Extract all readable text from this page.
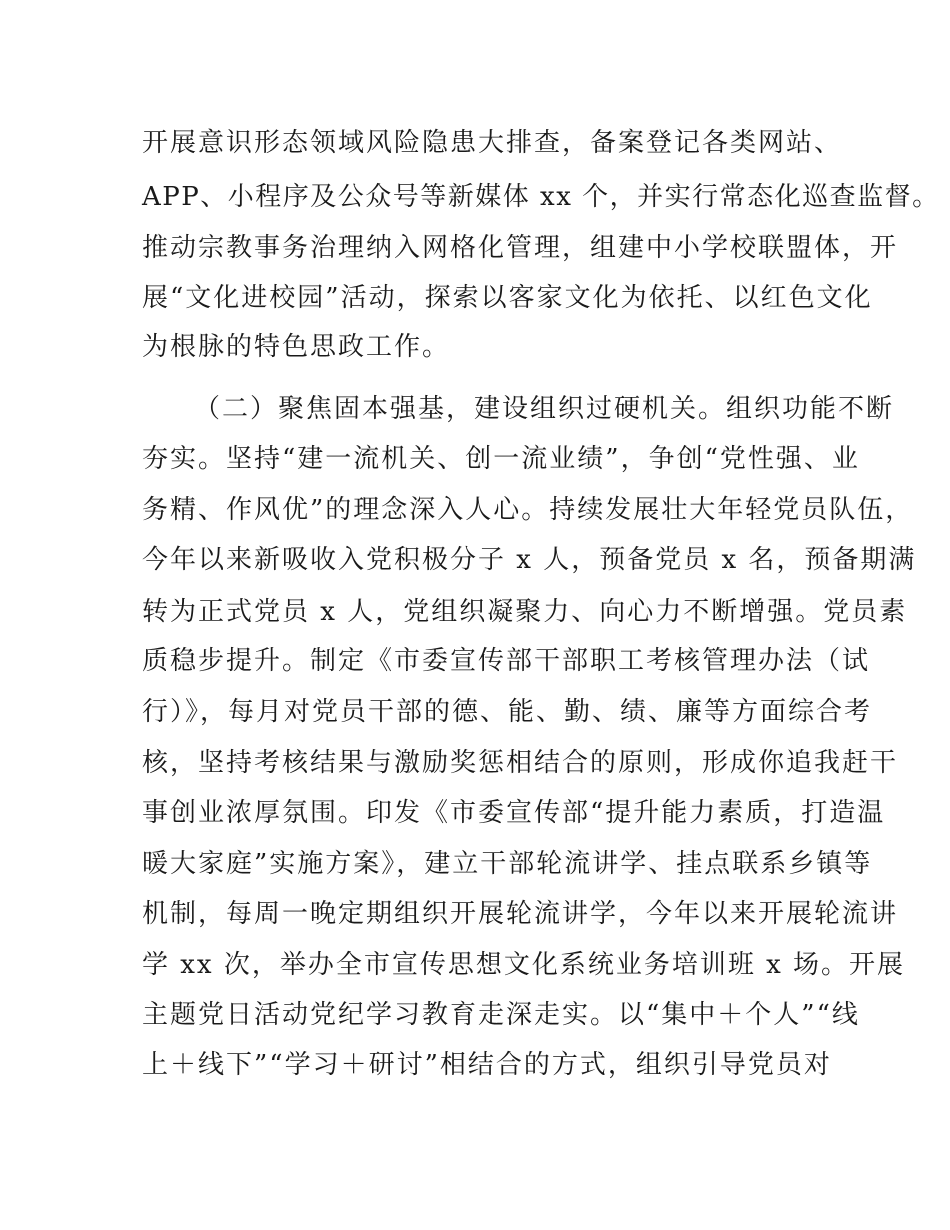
开展意识形态领域风险隐患大排查，备案登记各类网站、

APP、小程序及公众号等新媒体 xx 个，并实行常态化巡查监督。

推动宗教事务治理纳入网格化管理，组建中小学校联盟体，开

展“文化进校园”活动，探索以客家文化为依托、以红色文化

为根脉的特色思政工作。

（二）聚焦固本强基，建设组织过硬机关。组织功能不断

夯实。坚持“建一流机关、创一流业绩”，争创“党性强、业

务精、作风优”的理念深入人心。持续发展壮大年轻党员队伍，

今年以来新吸收入党积极分子 x 人，预备党员 x 名，预备期满

转为正式党员 x 人，党组织凝聚力、向心力不断增强。党员素

质稳步提升。制定《市委宣传部干部职工考核管理办法（试

行）》，每月对党员干部的德、能、勤、绩、廉等方面综合考

核，坚持考核结果与激励奖惩相结合的原则，形成你追我赶干

事创业浓厚氛围。印发《市委宣传部“提升能力素质，打造温

暖大家庭”实施方案》，建立干部轮流讲学、挂点联系乡镇等

机制，每周一晚定期组织开展轮流讲学，今年以来开展轮流讲

学 xx 次，举办全市宣传思想文化系统业务培训班 x 场。开展

主题党日活动党纪学习教育走深走实。以“集中＋个人”“线

上＋线下”“学习＋研讨”相结合的方式，组织引导党员对
